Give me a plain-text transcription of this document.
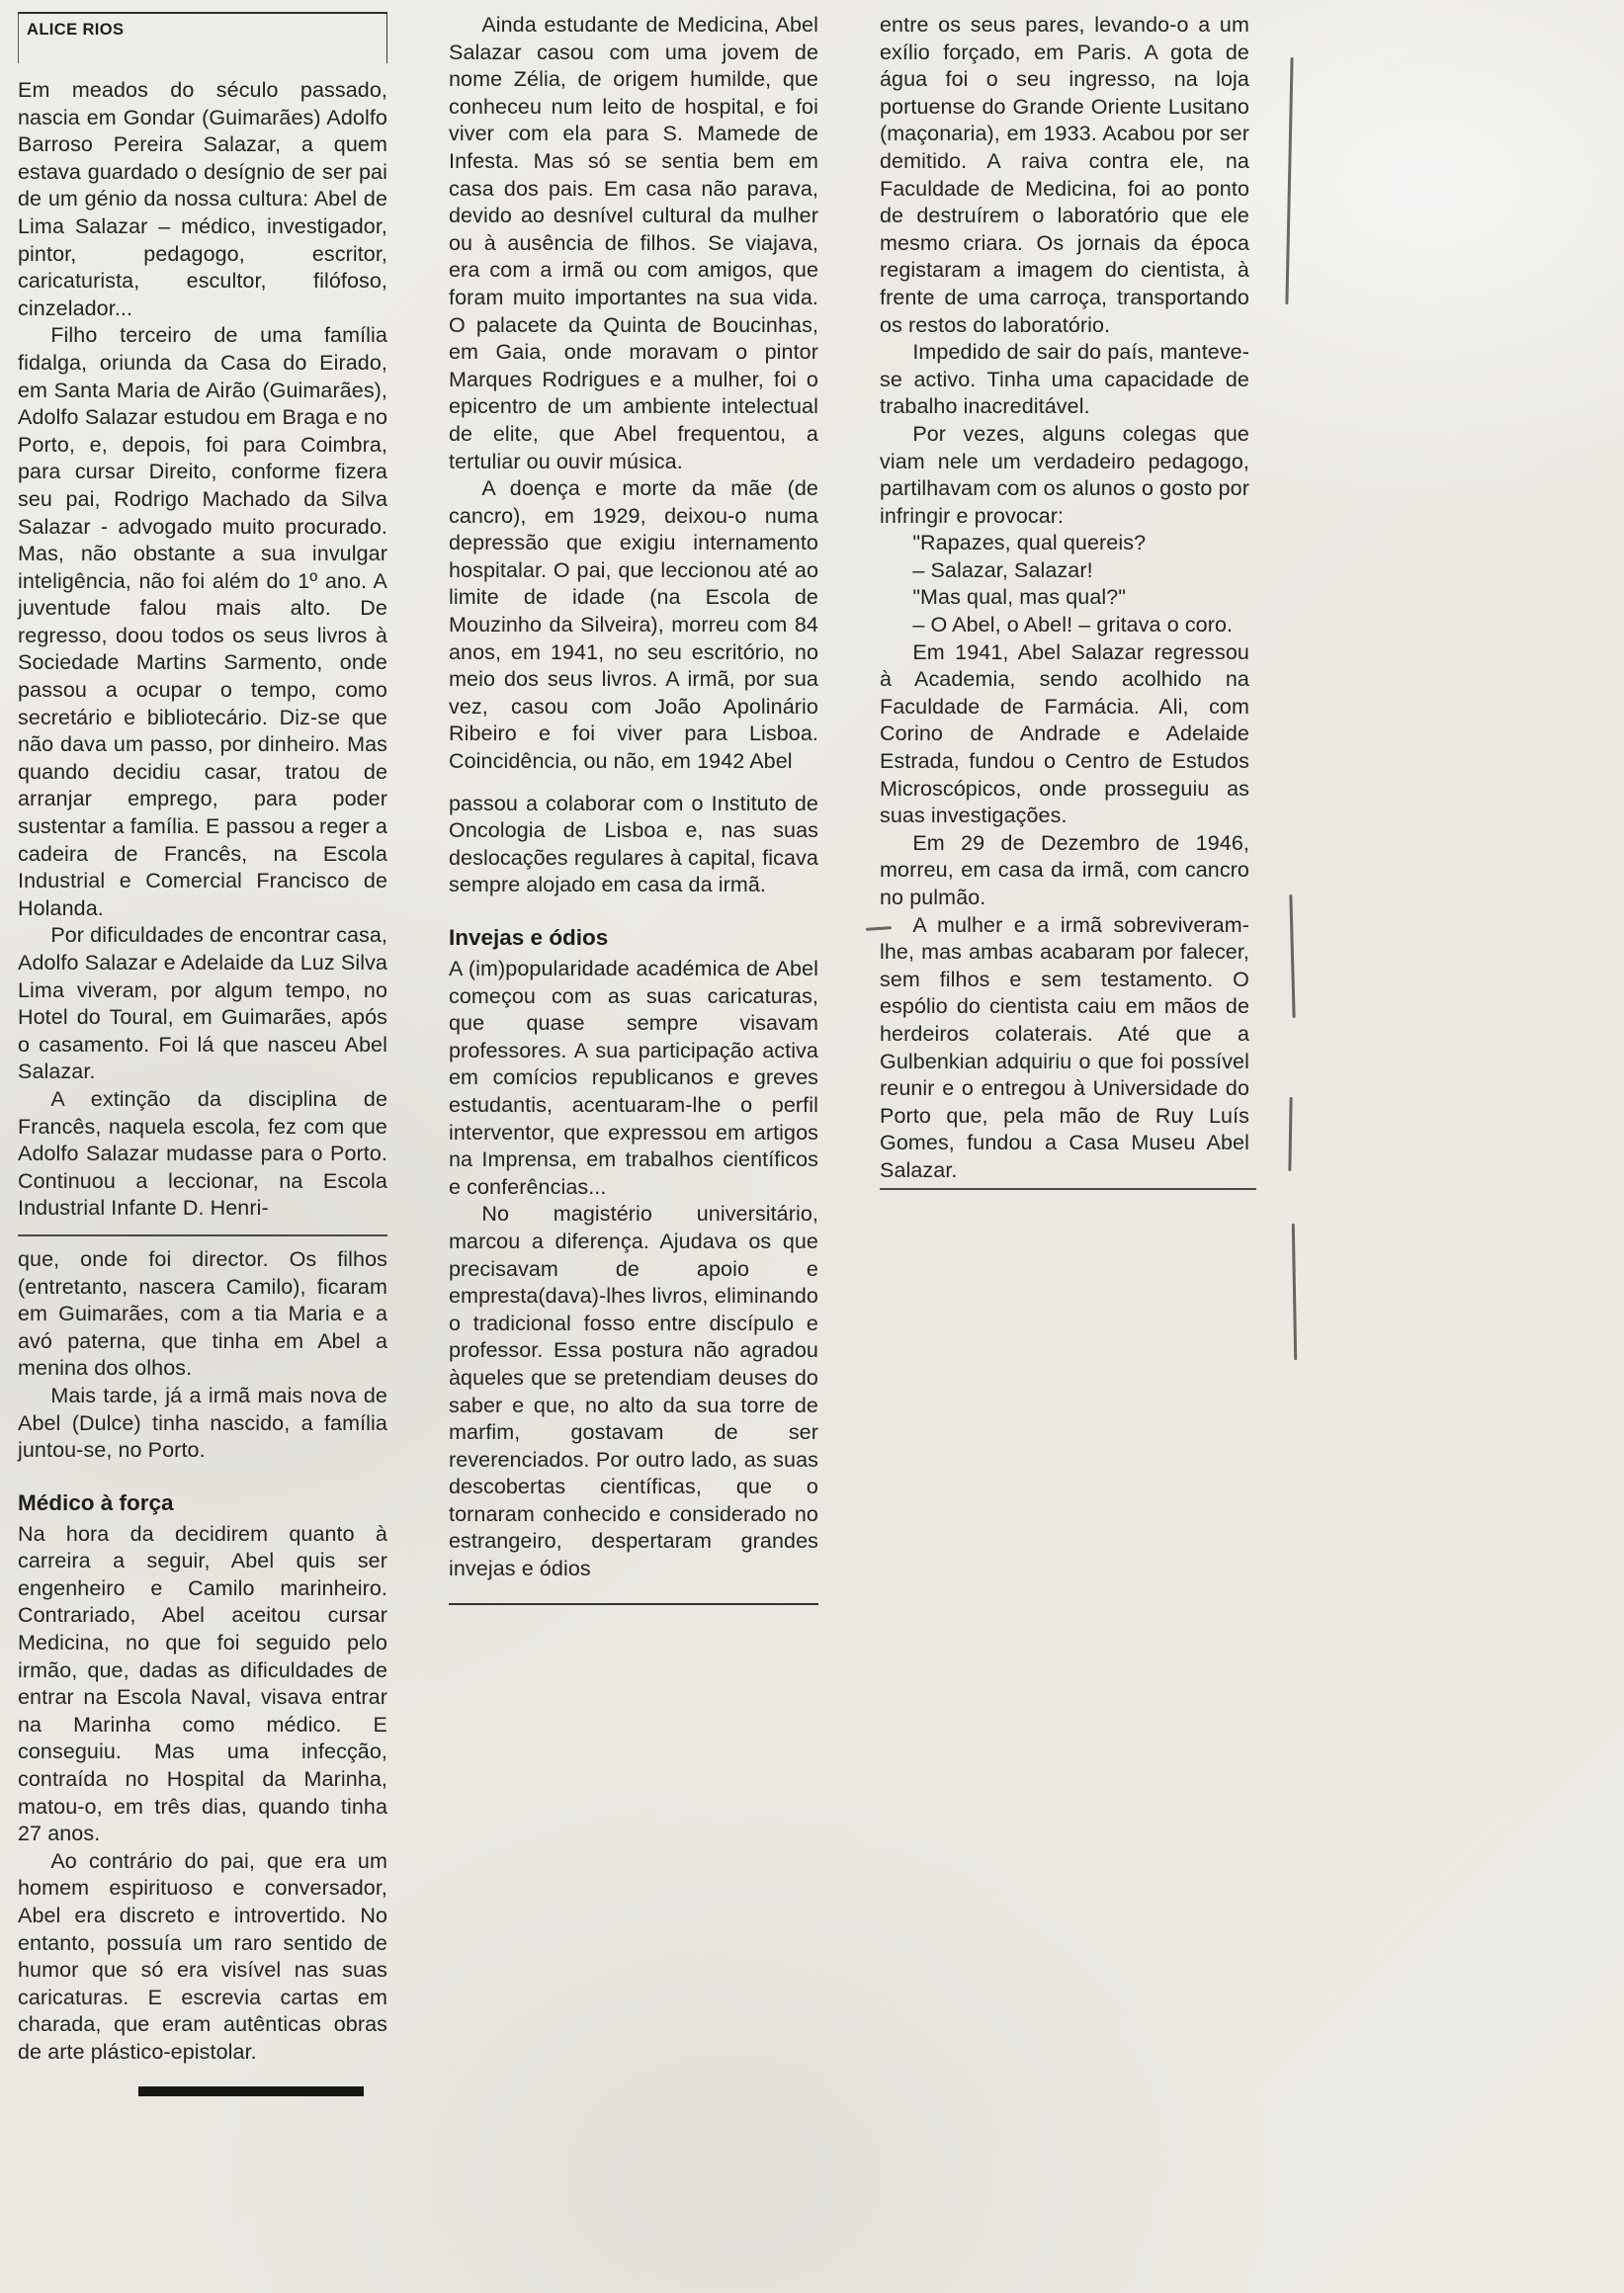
ALICE RIOS

Em meados do século passado, nascia em Gondar (Guimarães) Adolfo Barroso Pereira Salazar, a quem estava guardado o desígnio de ser pai de um génio da nossa cultura: Abel de Lima Salazar – médico, investigador, pintor, pedagogo, escritor, caricaturista, escultor, filófoso, cinzelador...

Filho terceiro de uma família fidalga, oriunda da Casa do Eirado, em Santa Maria de Airão (Guimarães), Adolfo Salazar estudou em Braga e no Porto, e, depois, foi para Coimbra, para cursar Direito, conforme fizera seu pai, Rodrigo Machado da Silva Salazar - advogado muito procurado. Mas, não obstante a sua invulgar inteligência, não foi além do 1º ano. A juventude falou mais alto. De regresso, doou todos os seus livros à Sociedade Martins Sarmento, onde passou a ocupar o tempo, como secretário e bibliotecário. Diz-se que não dava um passo, por dinheiro. Mas quando decidiu casar, tratou de arranjar emprego, para poder sustentar a família. E passou a reger a cadeira de Francês, na Escola Industrial e Comercial Francisco de Holanda.

Por dificuldades de encontrar casa, Adolfo Salazar e Adelaide da Luz Silva Lima viveram, por algum tempo, no Hotel do Toural, em Guimarães, após o casamento. Foi lá que nasceu Abel Salazar.

A extinção da disciplina de Francês, naquela escola, fez com que Adolfo Salazar mudasse para o Porto. Continuou a leccionar, na Escola Industrial Infante D. Henri-

que, onde foi director. Os filhos (entretanto, nascera Camilo), ficaram em Guimarães, com a tia Maria e a avó paterna, que tinha em Abel a menina dos olhos.

Mais tarde, já a irmã mais nova de Abel (Dulce) tinha nascido, a família juntou-se, no Porto.

Médico à força

Na hora da decidirem quanto à carreira a seguir, Abel quis ser engenheiro e Camilo marinheiro. Contrariado, Abel aceitou cursar Medicina, no que foi seguido pelo irmão, que, dadas as dificuldades de entrar na Escola Naval, visava entrar na Marinha como médico. E conseguiu. Mas uma infecção, contraída no Hospital da Marinha, matou-o, em três dias, quando tinha 27 anos.

Ao contrário do pai, que era um homem espirituoso e conversador, Abel era discreto e introvertido. No entanto, possuía um raro sentido de humor que só era visível nas suas caricaturas. E escrevia cartas em charada, que eram autênticas obras de arte plástico-epistolar.

Ainda estudante de Medicina, Abel Salazar casou com uma jovem de nome Zélia, de origem humilde, que conheceu num leito de hospital, e foi viver com ela para S. Mamede de Infesta. Mas só se sentia bem em casa dos pais. Em casa não parava, devido ao desnível cultural da mulher ou à ausência de filhos. Se viajava, era com a irmã ou com amigos, que foram muito importantes na sua vida. O palacete da Quinta de Boucinhas, em Gaia, onde moravam o pintor Marques Rodrigues e a mulher, foi o epicentro de um ambiente intelectual de elite, que Abel frequentou, a tertuliar ou ouvir música.

A doença e morte da mãe (de cancro), em 1929, deixou-o numa depressão que exigiu internamento hospitalar. O pai, que leccionou até ao limite de idade (na Escola de Mouzinho da Silveira), morreu com 84 anos, em 1941, no seu escritório, no meio dos seus livros. A irmã, por sua vez, casou com João Apolinário Ribeiro e foi viver para Lisboa. Coincidência, ou não, em 1942 Abel

passou a colaborar com o Instituto de Oncologia de Lisboa e, nas suas deslocações regulares à capital, ficava sempre alojado em casa da irmã.

Invejas e ódios

A (im)popularidade académica de Abel começou com as suas caricaturas, que quase sempre visavam professores. A sua participação activa em comícios republicanos e greves estudantis, acentuaram-lhe o perfil interventor, que expressou em artigos na Imprensa, em trabalhos científicos e conferências...

No magistério universitário, marcou a diferença. Ajudava os que precisavam de apoio e empresta(dava)-lhes livros, eliminando o tradicional fosso entre discípulo e professor. Essa postura não agradou àqueles que se pretendiam deuses do saber e que, no alto da sua torre de marfim, gostavam de ser reverenciados. Por outro lado, as suas descobertas científicas, que o tornaram conhecido e considerado no estrangeiro, despertaram grandes invejas e ódios

entre os seus pares, levando-o a um exílio forçado, em Paris. A gota de água foi o seu ingresso, na loja portuense do Grande Oriente Lusitano (maçonaria), em 1933. Acabou por ser demitido. A raiva contra ele, na Faculdade de Medicina, foi ao ponto de destruírem o laboratório que ele mesmo criara. Os jornais da época registaram a imagem do cientista, à frente de uma carroça, transportando os restos do laboratório.

Impedido de sair do país, manteve-se activo. Tinha uma capacidade de trabalho inacreditável.

Por vezes, alguns colegas que viam nele um verdadeiro pedagogo, partilhavam com os alunos o gosto por infringir e provocar:

"Rapazes, qual quereis?

– Salazar, Salazar!

"Mas qual, mas qual?"

– O Abel, o Abel! – gritava o coro.

Em 1941, Abel Salazar regressou à Academia, sendo acolhido na Faculdade de Farmácia. Ali, com Corino de Andrade e Adelaide Estrada, fundou o Centro de Estudos Microscópicos, onde prosseguiu as suas investigações.

Em 29 de Dezembro de 1946, morreu, em casa da irmã, com cancro no pulmão.

A mulher e a irmã sobreviveram-lhe, mas ambas acabaram por falecer, sem filhos e sem testamento. O espólio do cientista caiu em mãos de herdeiros colaterais. Até que a Gulbenkian adquiriu o que foi possível reunir e o entregou à Universidade do Porto que, pela mão de Ruy Luís Gomes, fundou a Casa Museu Abel Salazar.
